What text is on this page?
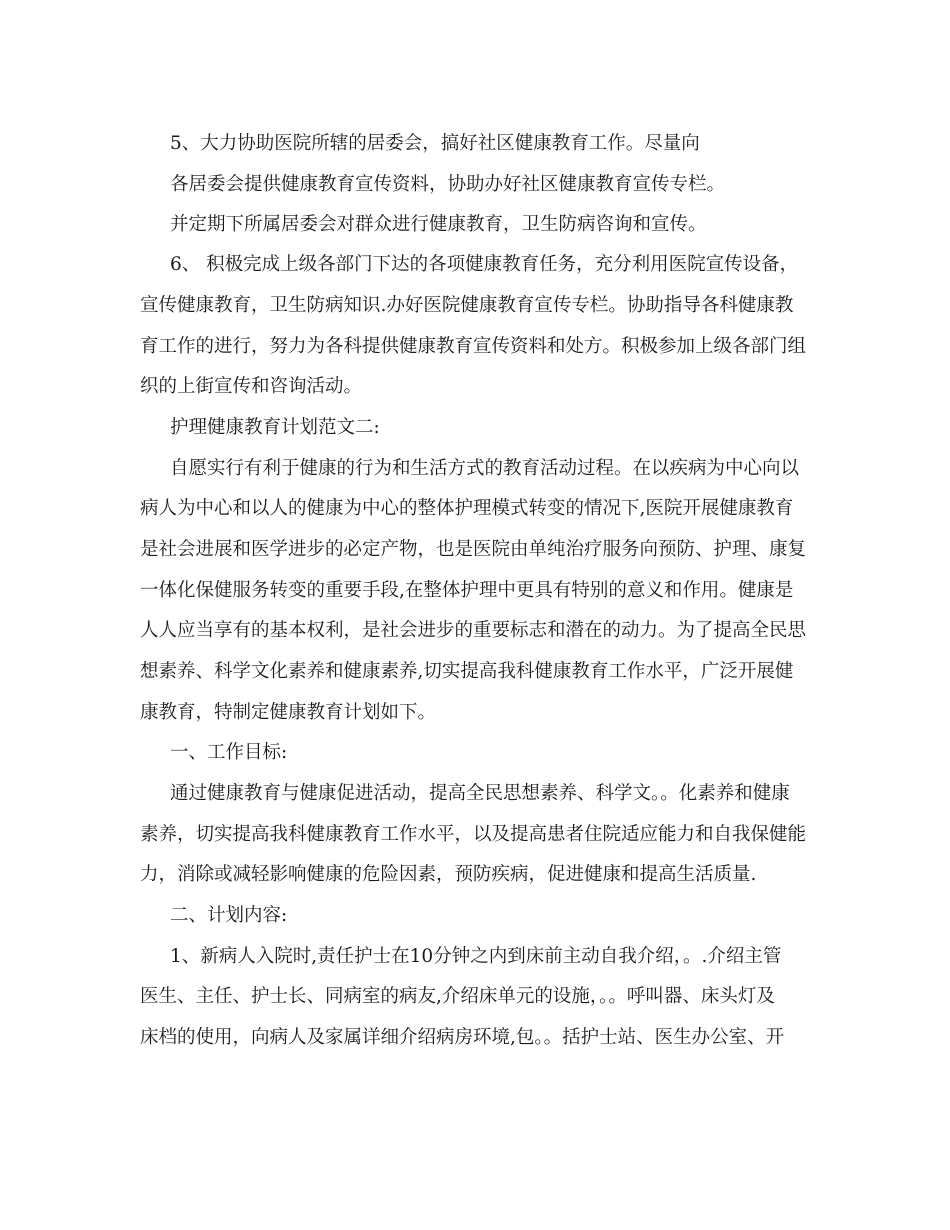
5、大力协助医院所辖的居委会，搞好社区健康教育工作。尽量向
各居委会提供健康教育宣传资料，协助办好社区健康教育宣传专栏。
并定期下所属居委会对群众进行健康教育，卫生防病咨询和宣传。
6、 积极完成上级各部门下达的各项健康教育任务，充分利用医院宣传设备，
宣传健康教育，卫生防病知识.办好医院健康教育宣传专栏。协助指导各科健康教
育工作的进行，努力为各科提供健康教育宣传资料和处方。积极参加上级各部门组
织的上街宣传和咨询活动。
护理健康教育计划范文二:
自愿实行有利于健康的行为和生活方式的教育活动过程。在以疾病为中心向以
病人为中心和以人的健康为中心的整体护理模式转变的情况下,医院开展健康教育
是社会进展和医学进步的必定产物，也是医院由单纯治疗服务向预防、护理、康复
一体化保健服务转变的重要手段,在整体护理中更具有特别的意义和作用。健康是
人人应当享有的基本权利，是社会进步的重要标志和潜在的动力。为了提高全民思
想素养、科学文化素养和健康素养,切实提高我科健康教育工作水平，广泛开展健
康教育，特制定健康教育计划如下。
一、工作目标:
通过健康教育与健康促进活动，提高全民思想素养、科学文。。化素养和健康
素养，切实提高我科健康教育工作水平，以及提高患者住院适应能力和自我保健能
力，消除或减轻影响健康的危险因素，预防疾病，促进健康和提高生活质量.
二、计划内容:
1、新病人入院时,责任护士在10分钟之内到床前主动自我介绍，。.介绍主管
医生、主任、护士长、同病室的病友,介绍床单元的设施，。。呼叫器、床头灯及
床档的使用，向病人及家属详细介绍病房环境,包。。括护士站、医生办公室、开
